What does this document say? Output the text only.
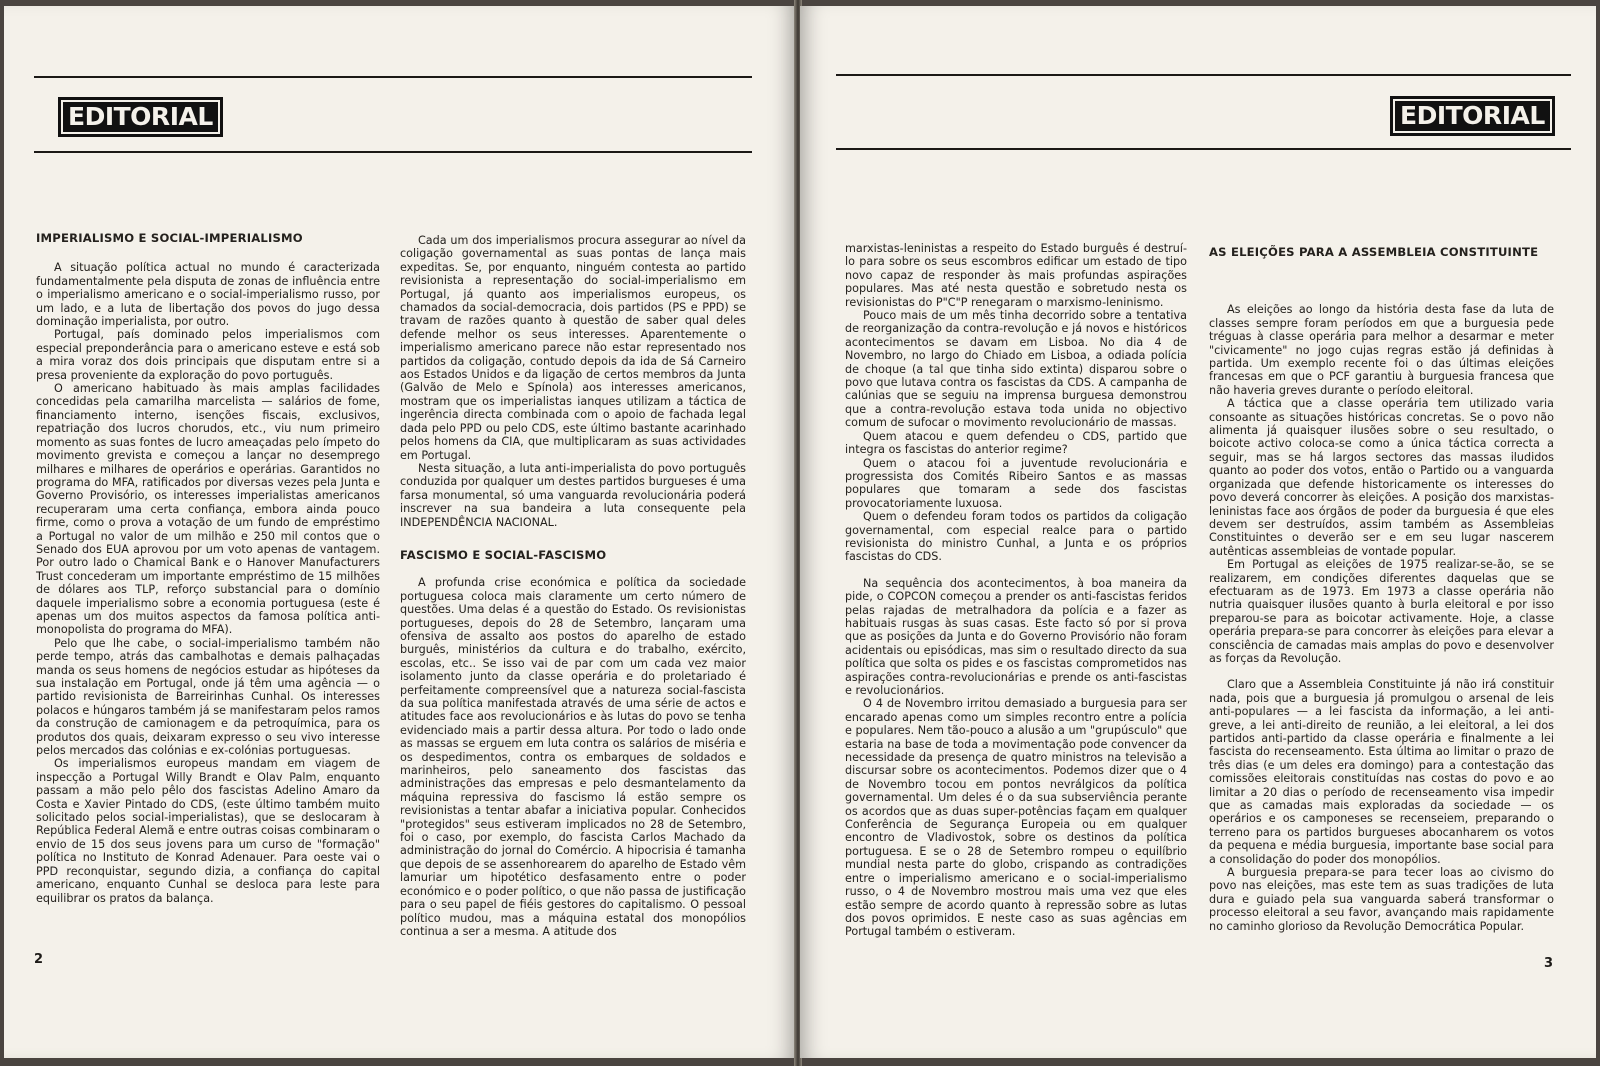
EDITORIAL
IMPERIALISMO E SOCIAL-IMPERIALISMO

A situação política actual no mundo é caracterizada fundamentalmente pela disputa de zonas de influência entre o imperialismo americano e o social-imperialismo russo, por um lado, e a luta de libertação dos povos do jugo dessa dominação imperialista, por outro.

Portugal, país dominado pelos imperialismos com especial preponderância para o americano esteve e está sob a mira voraz dos dois principais que disputam entre si a presa proveniente da exploração do povo português.

O americano habituado às mais amplas facilidades concedidas pela camarilha marcelista — salários de fome, financiamento interno, isenções fiscais, exclusivos, repatriação dos lucros chorudos, etc., viu num primeiro momento as suas fontes de lucro ameaçadas pelo ímpeto do movimento grevista e começou a lançar no desemprego milhares e milhares de operários e operárias. Garantidos no programa do MFA, ratificados por diversas vezes pela Junta e Governo Provisório, os interesses imperialistas americanos recuperaram uma certa confiança, embora ainda pouco firme, como o prova a votação de um fundo de empréstimo a Portugal no valor de um milhão e 250 mil contos que o Senado dos EUA aprovou por um voto apenas de vantagem. Por outro lado o Chamical Bank e o Hanover Manufacturers Trust concederam um importante empréstimo de 15 milhões de dólares aos TLP, reforço substancial para o domínio daquele imperialismo sobre a economia portuguesa (este é apenas um dos muitos aspectos da famosa política anti-monopolista do programa do MFA).

Pelo que lhe cabe, o social-imperialismo também não perde tempo, atrás das cambalhotas e demais palhaçadas manda os seus homens de negócios estudar as hipóteses da sua instalação em Portugal, onde já têm uma agência — o partido revisionista de Barreirinhas Cunhal. Os interesses polacos e húngaros também já se manifestaram pelos ramos da construção de camionagem e da petroquímica, para os produtos dos quais, deixaram expresso o seu vivo interesse pelos mercados das colónias e ex-colónias portuguesas.

Os imperialismos europeus mandam em viagem de inspecção a Portugal Willy Brandt e Olav Palm, enquanto passam a mão pelo pêlo dos fascistas Adelino Amaro da Costa e Xavier Pintado do CDS, (este último também muito solicitado pelos social-imperialistas), que se deslocaram à República Federal Alemã e entre outras coisas combinaram o envio de 15 dos seus jovens para um curso de "formação" política no Instituto de Konrad Adenauer. Para oeste vai o PPD reconquistar, segundo dizia, a confiança do capital americano, enquanto Cunhal se desloca para leste para equilibrar os pratos da balança.

Cada um dos imperialismos procura assegurar ao nível da coligação governamental as suas pontas de lança mais expeditas. Se, por enquanto, ninguém contesta ao partido revisionista a representação do social-imperialismo em Portugal, já quanto aos imperialismos europeus, os chamados da social-democracia, dois partidos (PS e PPD) se travam de razões quanto à questão de saber qual deles defende melhor os seus interesses. Aparentemente o imperialismo americano parece não estar representado nos partidos da coligação, contudo depois da ida de Sá Carneiro aos Estados Unidos e da ligação de certos membros da Junta (Galvão de Melo e Spínola) aos interesses americanos, mostram que os imperialistas ianques utilizam a táctica de ingerência directa combinada com o apoio de fachada legal dada pelo PPD ou pelo CDS, este último bastante acarinhado pelos homens da CIA, que multiplicaram as suas actividades em Portugal.

Nesta situação, a luta anti-imperialista do povo português conduzida por qualquer um destes partidos burgueses é uma farsa monumental, só uma vanguarda revolucionária poderá inscrever na sua bandeira a luta consequente pela INDEPENDÊNCIA NACIONAL.

FASCISMO E SOCIAL-FASCISMO

A profunda crise económica e política da sociedade portuguesa coloca mais claramente um certo número de questões. Uma delas é a questão do Estado. Os revisionistas portugueses, depois do 28 de Setembro, lançaram uma ofensiva de assalto aos postos do aparelho de estado burguês, ministérios da cultura e do trabalho, exército, escolas, etc.. Se isso vai de par com um cada vez maior isolamento junto da classe operária e do proletariado é perfeitamente compreensível que a natureza social-fascista da sua política manifestada através de uma série de actos e atitudes face aos revolucionários e às lutas do povo se tenha evidenciado mais a partir dessa altura. Por todo o lado onde as massas se erguem em luta contra os salários de miséria e os despedimentos, contra os embarques de soldados e marinheiros, pelo saneamento dos fascistas das administrações das empresas e pelo desmantelamento da máquina repressiva do fascismo lá estão sempre os revisionistas a tentar abafar a iniciativa popular. Conhecidos "protegidos" seus estiveram implicados no 28 de Setembro, foi o caso, por exemplo, do fascista Carlos Machado da administração do jornal do Comércio. A hipocrisia é tamanha que depois de se assenhorearem do aparelho de Estado vêm lamuriar um hipotético desfasamento entre o poder económico e o poder político, o que não passa de justificação para o seu papel de fiéis gestores do capitalismo. O pessoal político mudou, mas a máquina estatal dos monopólios continua a ser a mesma. A atitude dos

2
EDITORIAL

marxistas-leninistas a respeito do Estado burguês é destruí-lo para sobre os seus escombros edificar um estado de tipo novo capaz de responder às mais profundas aspirações populares. Mas até nesta questão e sobretudo nesta os revisionistas do P"C"P renegaram o marxismo-leninismo.

Pouco mais de um mês tinha decorrido sobre a tentativa de reorganização da contra-revolução e já novos e históricos acontecimentos se davam em Lisboa. No dia 4 de Novembro, no largo do Chiado em Lisboa, a odiada polícia de choque (a tal que tinha sido extinta) disparou sobre o povo que lutava contra os fascistas da CDS. A campanha de calúnias que se seguiu na imprensa burguesa demonstrou que a contra-revolução estava toda unida no objectivo comum de sufocar o movimento revolucionário de massas.

Quem atacou e quem defendeu o CDS, partido que integra os fascistas do anterior regime?

Quem o atacou foi a juventude revolucionária e progressista dos Comités Ribeiro Santos e as massas populares que tomaram a sede dos fascistas provocatoriamente luxuosa.

Quem o defendeu foram todos os partidos da coligação governamental, com especial realce para o partido revisionista do ministro Cunhal, a Junta e os próprios fascistas do CDS.

Na sequência dos acontecimentos, à boa maneira da pide, o COPCON começou a prender os anti-fascistas feridos pelas rajadas de metralhadora da polícia e a fazer as habituais rusgas às suas casas. Este facto só por si prova que as posições da Junta e do Governo Provisório não foram acidentais ou episódicas, mas sim o resultado directo da sua política que solta os pides e os fascistas comprometidos nas aspirações contra-revolucionárias e prende os anti-fascistas e revolucionários.

O 4 de Novembro irritou demasiado a burguesia para ser encarado apenas como um simples recontro entre a polícia e populares. Nem tão-pouco a alusão a um "grupúsculo" que estaria na base de toda a movimentação pode convencer da necessidade da presença de quatro ministros na televisão a discursar sobre os acontecimentos. Podemos dizer que o 4 de Novembro tocou em pontos nevrálgicos da política governamental. Um deles é o da sua subserviência perante os acordos que as duas super-potências façam em qualquer Conferência de Segurança Europeia ou em qualquer encontro de Vladivostok, sobre os destinos da política portuguesa. E se o 28 de Setembro rompeu o equilíbrio mundial nesta parte do globo, crispando as contradições entre o imperialismo americano e o social-imperialismo russo, o 4 de Novembro mostrou mais uma vez que eles estão sempre de acordo quanto à repressão sobre as lutas dos povos oprimidos. E neste caso as suas agências em Portugal também o estiveram.

AS ELEIÇÕES PARA A ASSEMBLEIA CONSTITUINTE

As eleições ao longo da história desta fase da luta de classes sempre foram períodos em que a burguesia pede tréguas à classe operária para melhor a desarmar e meter "civicamente" no jogo cujas regras estão já definidas à partida. Um exemplo recente foi o das últimas eleições francesas em que o PCF garantiu à burguesia francesa que não haveria greves durante o período eleitoral.

A táctica que a classe operária tem utilizado varia consoante as situações históricas concretas. Se o povo não alimenta já quaisquer ilusões sobre o seu resultado, o boicote activo coloca-se como a única táctica correcta a seguir, mas se há largos sectores das massas iludidos quanto ao poder dos votos, então o Partido ou a vanguarda organizada que defende historicamente os interesses do povo deverá concorrer às eleições. A posição dos marxistas-leninistas face aos órgãos de poder da burguesia é que eles devem ser destruídos, assim também as Assembleias Constituintes o deverão ser e em seu lugar nascerem autênticas assembleias de vontade popular.

Em Portugal as eleições de 1975 realizar-se-ão, se se realizarem, em condições diferentes daquelas que se efectuaram as de 1973. Em 1973 a classe operária não nutria quaisquer ilusões quanto à burla eleitoral e por isso preparou-se para as boicotar activamente. Hoje, a classe operária prepara-se para concorrer às eleições para elevar a consciência de camadas mais amplas do povo e desenvolver as forças da Revolução.

Claro que a Assembleia Constituinte já não irá constituir nada, pois que a burguesia já promulgou o arsenal de leis anti-populares — a lei fascista da informação, a lei anti-greve, a lei anti-direito de reunião, a lei eleitoral, a lei dos partidos anti-partido da classe operária e finalmente a lei fascista do recenseamento. Esta última ao limitar o prazo de três dias (e um deles era domingo) para a contestação das comissões eleitorais constituídas nas costas do povo e ao limitar a 20 dias o período de recenseamento visa impedir que as camadas mais exploradas da sociedade — os operários e os camponeses se recenseiem, preparando o terreno para os partidos burgueses abocanharem os votos da pequena e média burguesia, importante base social para a consolidação do poder dos monopólios.

A burguesia prepara-se para tecer loas ao civismo do povo nas eleições, mas este tem as suas tradições de luta dura e guiado pela sua vanguarda saberá transformar o processo eleitoral a seu favor, avançando mais rapidamente no caminho glorioso da Revolução Democrática Popular.

3
